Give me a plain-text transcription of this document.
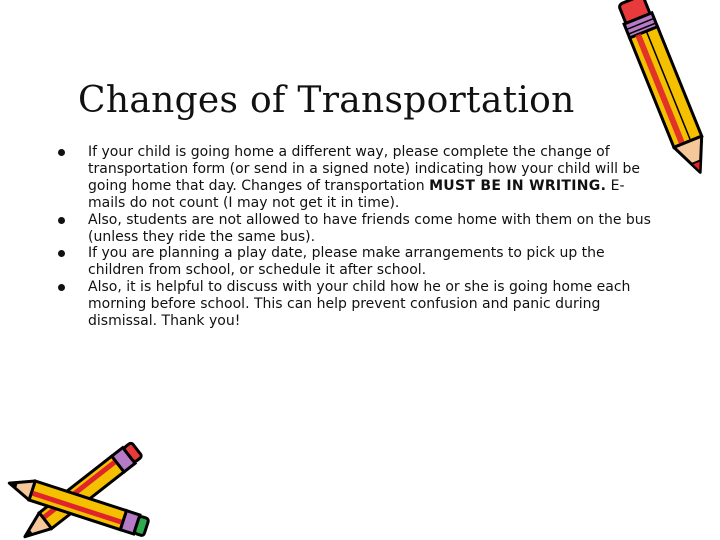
Changes of Transportation
If your child is going home a different way, please complete the change of transportation form (or send in a signed note) indicating how your child will be going home that day. Changes of transportation MUST BE IN WRITING. E-mails do not count (I may not get it in time).
Also, students are not allowed to have friends come home with them on the bus (unless they ride the same bus).
If you are planning a play date, please make arrangements to pick up the children from school, or schedule it after school.
Also, it is helpful to discuss with your child how he or she is going home each morning before school. This can help prevent confusion and panic during dismissal. Thank you!
